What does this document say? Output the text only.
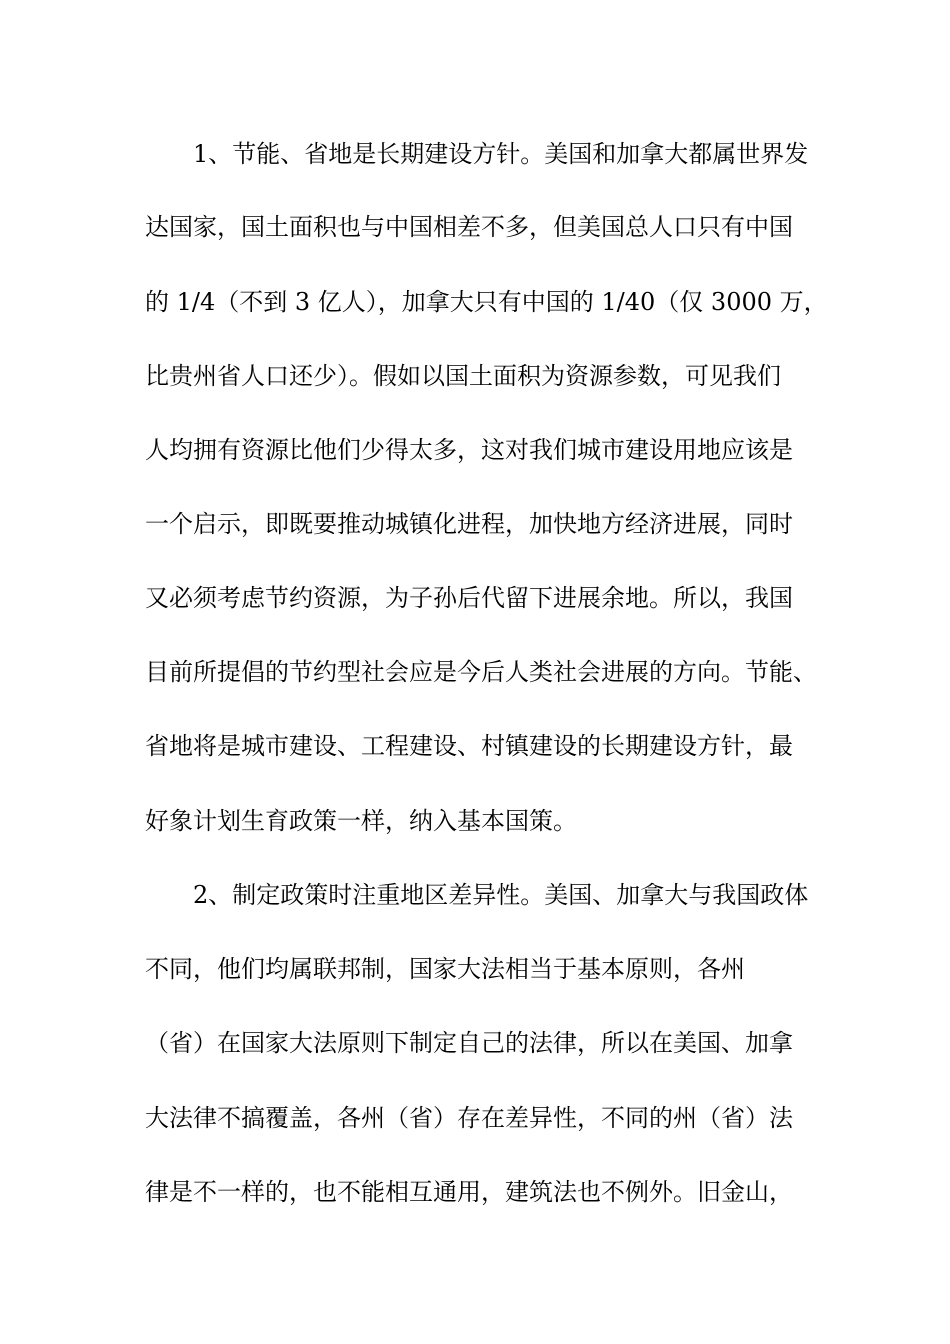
1、节能、省地是长期建设方针。美国和加拿大都属世界发
达国家，国土面积也与中国相差不多，但美国总人口只有中国
的 1/4（不到 3 亿人），加拿大只有中国的 1/40（仅 3000 万，
比贵州省人口还少）。假如以国土面积为资源参数，可见我们
人均拥有资源比他们少得太多，这对我们城市建设用地应该是
一个启示，即既要推动城镇化进程，加快地方经济进展，同时
又必须考虑节约资源，为子孙后代留下进展余地。所以，我国
目前所提倡的节约型社会应是今后人类社会进展的方向。节能、
省地将是城市建设、工程建设、村镇建设的长期建设方针，最
好象计划生育政策一样，纳入基本国策。
2、制定政策时注重地区差异性。美国、加拿大与我国政体
不同，他们均属联邦制，国家大法相当于基本原则，各州
（省）在国家大法原则下制定自己的法律，所以在美国、加拿
大法律不搞覆盖，各州（省）存在差异性，不同的州（省）法
律是不一样的，也不能相互通用，建筑法也不例外。旧金山，
